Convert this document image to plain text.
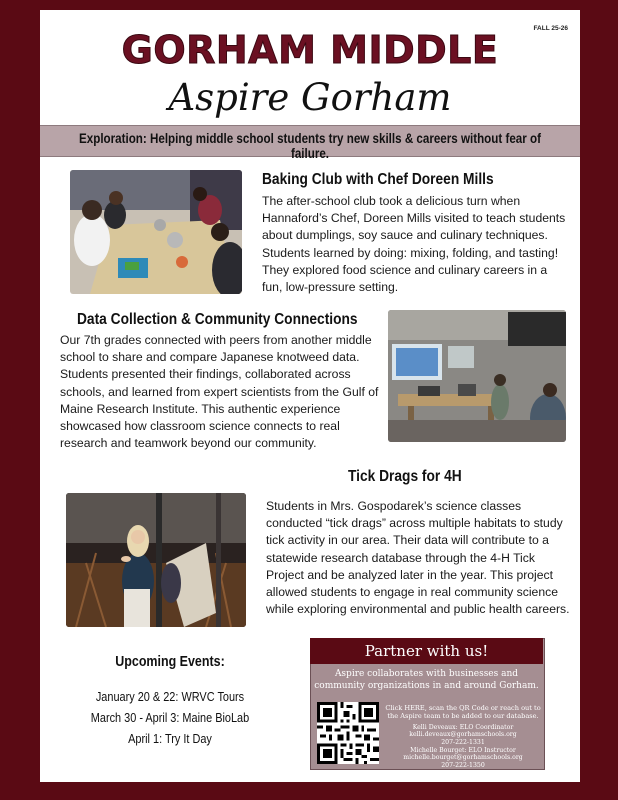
FALL 25-26
GORHAM MIDDLE
Aspire Gorham
Exploration: Helping middle school students try new skills & careers without fear of failure.
Baking Club with Chef Doreen Mills
The after-school club took a delicious turn when Hannaford’s Chef, Doreen Mills visited to teach students about dumplings, soy sauce and culinary techniques. Students learned by doing: mixing, folding, and tasting! They explored food science and culinary careers in a fun, low-pressure setting.
Data Collection & Community Connections
Our 7th grades connected with peers from another middle school to share and compare Japanese knotweed data. Students presented their findings, collaborated across schools, and learned from expert scientists from the Gulf of Maine Research Institute. This authentic experience showcased how classroom science connects to real research and teamwork beyond our community.
Tick Drags for 4H
Students in Mrs. Gospodarek’s science classes conducted “tick drags” across multiple habitats to study tick activity in our area. Their data will contribute to a statewide research database through the 4-H Tick Project and be analyzed later in the year. This project allowed students to engage in real community science while exploring environmental and public health careers.
Upcoming Events:
January 20 & 22: WRVC Tours
March 30 - April 3: Maine BioLab
April 1: Try It Day
Partner with us!
Aspire collaborates with businesses and community organizations in and around Gorham.
Click HERE, scan the QR Code or reach out to the Aspire team to be added to our database.
Kelli Deveaux: ELO Coordinator
kelli.deveaux@gorhamschools.org
207-222-1331
Michelle Bourget: ELO Instructor
michelle.bourget@gorhamschools.org
207-222-1350
